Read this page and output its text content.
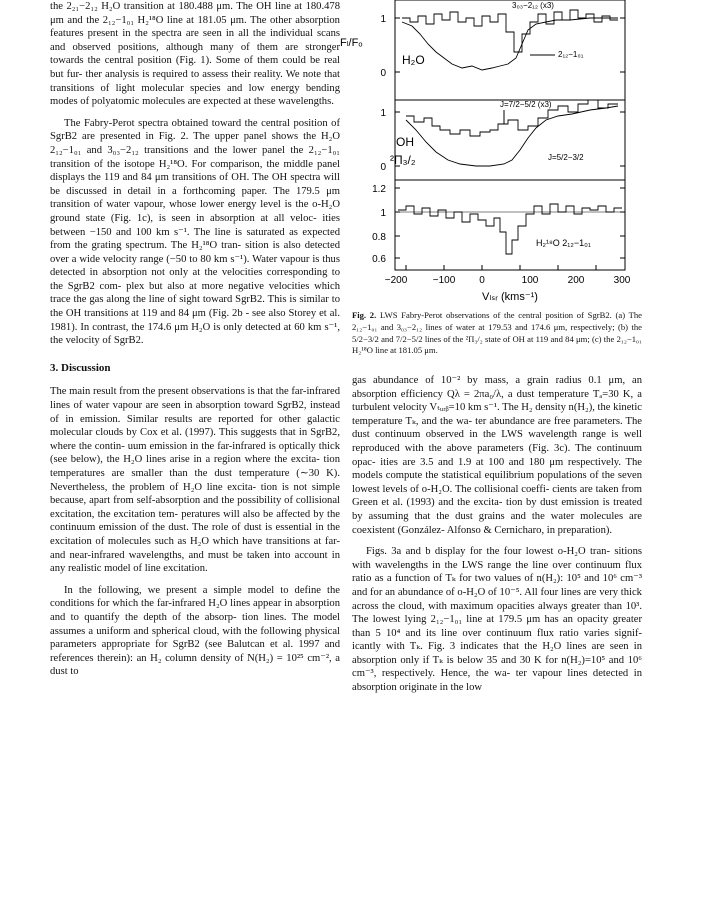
the 2₂₁−2₁₂ H₂O transition at 180.488 μm. The OH line at 180.478 μm and the 2₁₂−1₀₁ H₂¹⁸O line at 181.05 μm. The other absorption features present in the spectra are seen in all the individual scans and observed positions, although many of them are stronger towards the central position (Fig. 1). Some of them could be real but fur- ther analysis is required to assess their reality. We note that transitions of light molecular species and low energy bending modes of polyatomic molecules are expected at these wavelengths.

The Fabry-Perot spectra obtained toward the central position of SgrB2 are presented in Fig. 2. The upper panel shows the H₂O 2₁₂−1₀₁ and 3₀₃−2₁₂ transitions and the lower panel the 2₁₂−1₀₁ transition of the isotope H₂¹⁸O. For comparison, the middle panel displays the 119 and 84 μm transitions of OH. The OH spectra will be discussed in detail in a forthcoming paper. The 179.5 μm transition of water vapour, whose lower energy level is the o-H₂O ground state (Fig. 1c), is seen in absorption at all veloc- ities between −150 and 100 km s⁻¹. The line is saturated as expected from the grating spectrum. The H₂¹⁸O tran- sition is also detected over a wide velocity range (−50 to 80 km s⁻¹). Water vapour is thus detected in absorption not only at the velocities corresponding to the SgrB2 com- plex but also at more negative velocities which trace the gas along the line of sight toward SgrB2. This is similar to the OH transitions at 119 and 84 μm (Fig. 2b - see also Storey et al. 1981). In contrast, the 174.6 μm H₂O is only detected at 60 km s⁻¹, the velocity of SgrB2.

3. Discussion

The main result from the present observations is that the far-infrared lines of water vapour are seen in absorption toward SgrB2, instead of in emission. Similar results are reported for other galactic molecular clouds by Cox et al. (1997). This suggests that in SgrB2, where the contin- uum emission in the far-infrared is optically thick (see below), the H₂O lines arise in a region where the excita- tion temperatures are smaller than the dust temperature (∼30 K). Nevertheless, the problem of H₂O line excita- tion is not simple because, apart from self-absorption and the possibility of collisional excitation, the excitation tem- peratures will also be affected by the continuum emission of the dust. The role of dust is essential in the excitation of molecules such as H₂O which have transitions at far- and near-infrared wavelengths, and must be taken into account in any realistic model of line excitation.

In the following, we present a simple model to define the conditions for which the far-infrared H₂O lines appear in absorption and to quantify the depth of the absorp- tion lines. The model assumes a uniform and spherical cloud, with the following physical parameters appropriate for SgrB2 (see Balutcan et al. 1997 and references therein): an H₂ column density of N(H₂) = 10²⁵ cm⁻², a dust to

1
0
Fₗ/Fₒ
H₂O
3₀₃−2₁₂ (x3)
2₁₂−1₀₁
1
0
OH
²Π₃/₂
J=7/2−5/2 (x3)
J=5/2−3/2
1.2
1
0.8
0.6
H₂¹⁸O 2₁₂−1₀₁
−200	−100 0	100	200	300
Vₗₛᵣ (kms⁻¹)
Fig. 2. LWS Fabry-Perot observations of the central position of SgrB2. (a) The 2₁₂−1₀₁ and 3₀₃−2₁₂ lines of water at 179.53 and 174.6 μm, respectively; (b) the 5/2−3/2 and 7/2−5/2 lines of the ²Π₃/₂ state of OH at 119 and 84 μm; (c) the 2₁₂−1₀₁ H₂¹⁸O line at 181.05 μm.

gas abundance of 10⁻² by mass, a grain radius 0.1 μm, an absorption efficiency Qλ = 2πa₀/λ, a dust temperature Tₐ=30 K, a turbulent velocity Vₜᵤᵣᵦ=10 km s⁻¹. The H₂ density n(H₂), the kinetic temperature Tₖ, and the wa- ter abundance are free parameters. The dust continuum observed in the LWS wavelength range is well reproduced with the above parameters (Fig. 3c). The continuum opac- ities are 3.5 and 1.9 at 100 and 180 μm respectively. The models compute the statistical equilibrium populations of the seven lowest levels of o-H₂O. The collisional coeffi- cients are taken from Green et al. (1993) and the excita- tion by dust emission is treated by assuming that the dust grains and the water molecules are coexistent (González- Alfonso & Cernicharo, in preparation).

Figs. 3a and b display for the four lowest o-H₂O tran- sitions with wavelengths in the LWS range the line over continuum flux ratio as a function of Tₖ for two values of n(H₂): 10⁵ and 10⁶ cm⁻³ and for an abundance of o-H₂O of 10⁻⁵. All four lines are very thick across the cloud, with maximum opacities always greater than 10³. The lowest lying 2₁₂−1₀₁ line at 179.5 μm has an opacity greater than 5 10⁴ and its line over continuum flux ratio varies signif- icantly with Tₖ. Fig. 3 indicates that the H₂O lines are seen in absorption only if Tₖ is below 35 and 30 K for n(H₂)=10⁵ and 10⁶ cm⁻³, respectively. Hence, the wa- ter vapour lines detected in absorption originate in the low
